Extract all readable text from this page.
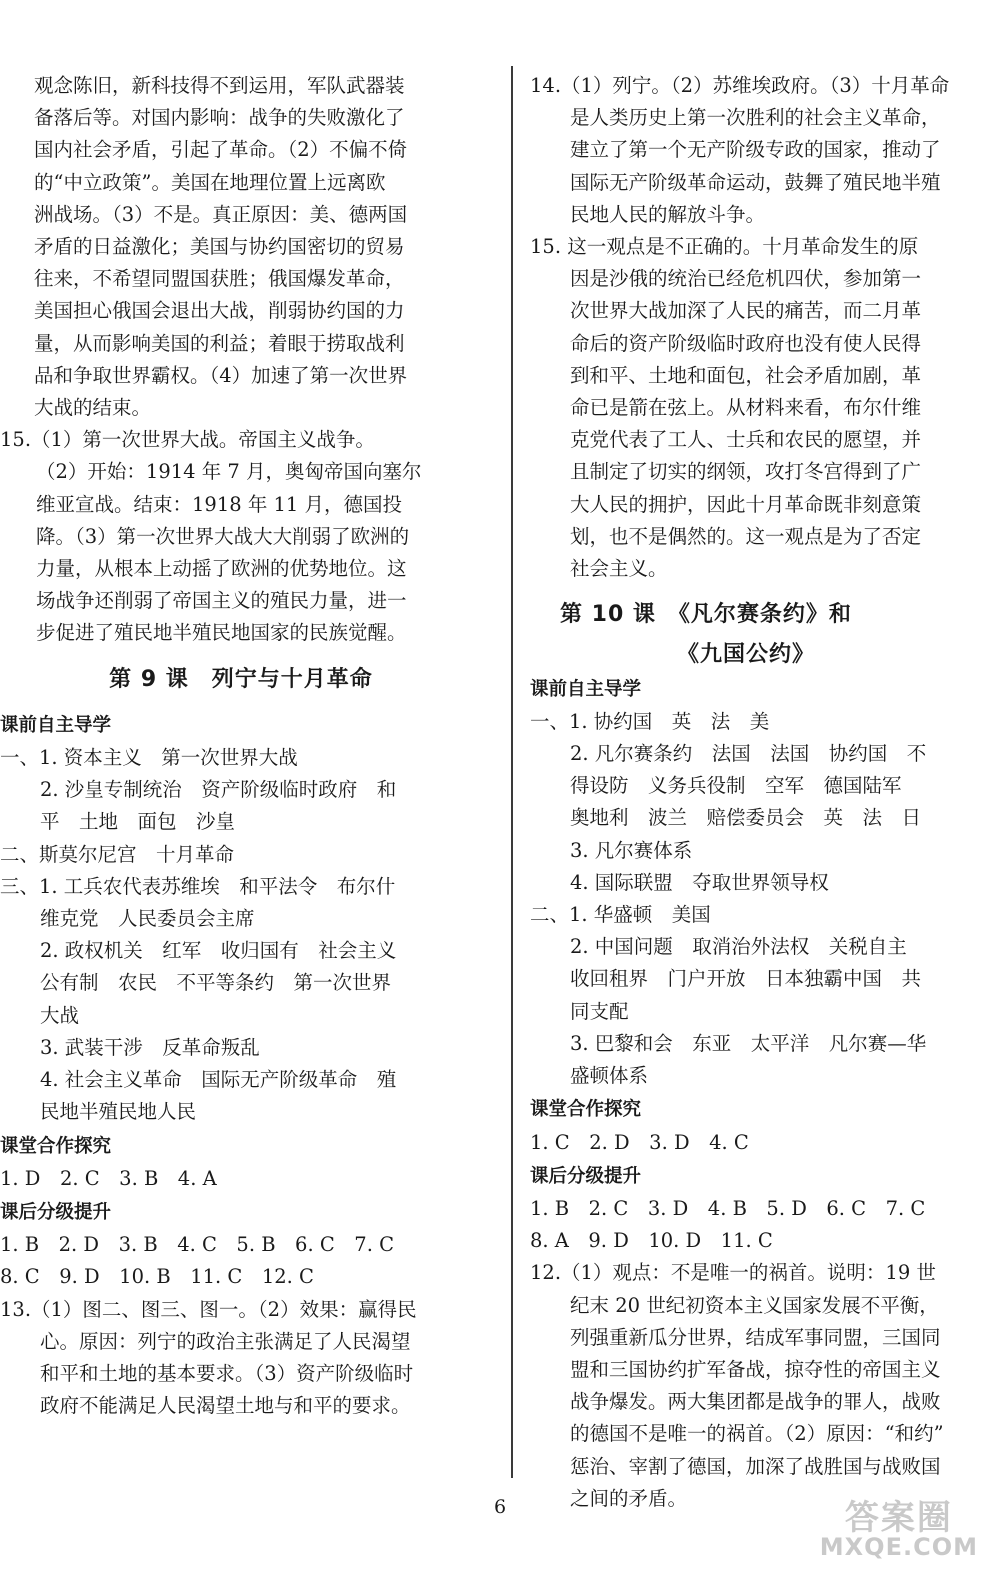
观念陈旧，新科技得不到运用，军队武器装
备落后等。对国内影响：战争的失败激化了
国内社会矛盾，引起了革命。（2）不偏不倚
的“中立政策”。美国在地理位置上远离欧
洲战场。（3）不是。真正原因：美、德两国
矛盾的日益激化；美国与协约国密切的贸易
往来，不希望同盟国获胜；俄国爆发革命，
美国担心俄国会退出大战，削弱协约国的力
量，从而影响美国的利益；着眼于捞取战利
品和争取世界霸权。（4）加速了第一次世界
大战的结束。
15.（1）第一次世界大战。帝国主义战争。
（2）开始：1914 年 7 月，奥匈帝国向塞尔
维亚宣战。结束：1918 年 11 月，德国投
降。（3）第一次世界大战大大削弱了欧洲的
力量，从根本上动摇了欧洲的优势地位。这
场战争还削弱了帝国主义的殖民力量，进一
步促进了殖民地半殖民地国家的民族觉醒。
第 9 课　列宁与十月革命
课前自主导学
一、1. 资本主义　第一次世界大战
2. 沙皇专制统治　资产阶级临时政府　和
平　土地　面包　沙皇
二、斯莫尔尼宫　十月革命
三、1. 工兵农代表苏维埃　和平法令　布尔什
维克党　人民委员会主席
2. 政权机关　红军　收归国有　社会主义
公有制　农民　不平等条约　第一次世界
大战
3. 武装干涉　反革命叛乱
4. 社会主义革命　国际无产阶级革命　殖
民地半殖民地人民
课堂合作探究
1. D　2. C　3. B　4. A
课后分级提升
1. B　2. D　3. B　4. C　5. B　6. C　7. C
8. C　9. D　10. B　11. C　12. C
13.（1）图二、图三、图一。（2）效果：赢得民
心。原因：列宁的政治主张满足了人民渴望
和平和土地的基本要求。（3）资产阶级临时
政府不能满足人民渴望土地与和平的要求。
14.（1）列宁。（2）苏维埃政府。（3）十月革命
是人类历史上第一次胜利的社会主义革命，
建立了第一个无产阶级专政的国家，推动了
国际无产阶级革命运动，鼓舞了殖民地半殖
民地人民的解放斗争。
15. 这一观点是不正确的。十月革命发生的原
因是沙俄的统治已经危机四伏，参加第一
次世界大战加深了人民的痛苦，而二月革
命后的资产阶级临时政府也没有使人民得
到和平、土地和面包，社会矛盾加剧，革
命已是箭在弦上。从材料来看，布尔什维
克党代表了工人、士兵和农民的愿望，并
且制定了切实的纲领，攻打冬宫得到了广
大人民的拥护，因此十月革命既非刻意策
划，也不是偶然的。这一观点是为了否定
社会主义。
第 10 课　《凡尔赛条约》和
《九国公约》
课前自主导学
一、1. 协约国　英　法　美
2. 凡尔赛条约　法国　法国　协约国　不
得设防　义务兵役制　空军　德国陆军
奥地利　波兰　赔偿委员会　英　法　日
3. 凡尔赛体系
4. 国际联盟　夺取世界领导权
二、1. 华盛顿　美国
2. 中国问题　取消治外法权　关税自主
收回租界　门户开放　日本独霸中国　共
同支配
3. 巴黎和会　东亚　太平洋　凡尔赛—华
盛顿体系
课堂合作探究
1. C　2. D　3. D　4. C
课后分级提升
1. B　2. C　3. D　4. B　5. D　6. C　7. C
8. A　9. D　10. D　11. C
12.（1）观点：不是唯一的祸首。说明：19 世
纪末 20 世纪初资本主义国家发展不平衡，
列强重新瓜分世界，结成军事同盟，三国同
盟和三国协约扩军备战，掠夺性的帝国主义
战争爆发。两大集团都是战争的罪人，战败
的德国不是唯一的祸首。（2）原因：“和约”
惩治、宰割了德国，加深了战胜国与战败国
之间的矛盾。
6	答案圈
MXQE.COM
